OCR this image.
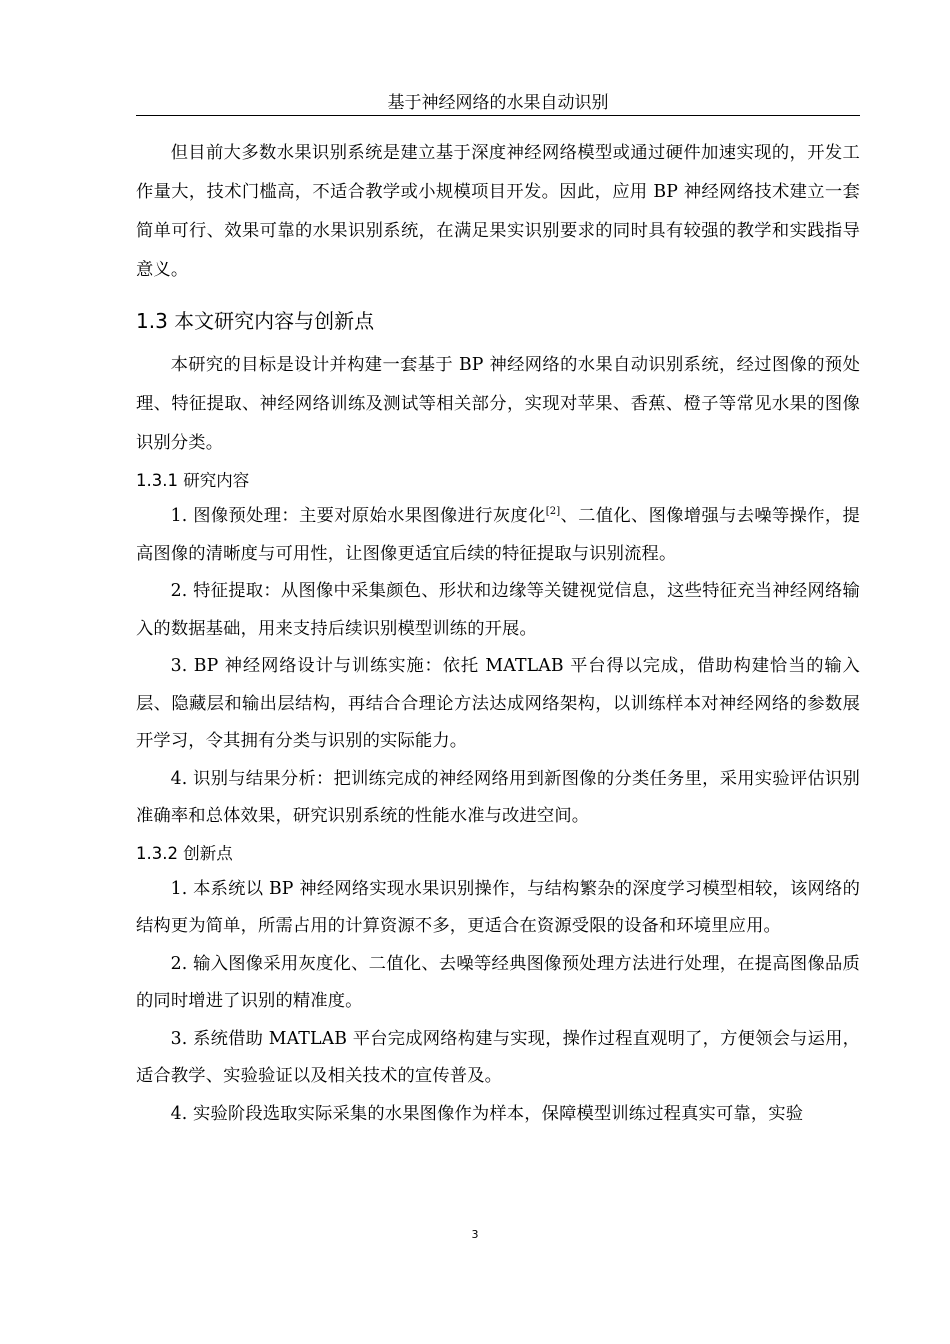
基于神经网络的水果自动识别

但目前大多数水果识别系统是建立基于深度神经网络模型或通过硬件加速实现的，开发工作量大，技术门槛高，不适合教学或小规模项目开发。因此，应用 BP 神经网络技术建立一套简单可行、效果可靠的水果识别系统，在满足果实识别要求的同时具有较强的教学和实践指导意义。

1.3 本文研究内容与创新点

本研究的目标是设计并构建一套基于 BP 神经网络的水果自动识别系统，经过图像的预处理、特征提取、神经网络训练及测试等相关部分，实现对苹果、香蕉、橙子等常见水果的图像识别分类。

1.3.1 研究内容

1. 图像预处理：主要对原始水果图像进行灰度化[2]、二值化、图像增强与去噪等操作，提高图像的清晰度与可用性，让图像更适宜后续的特征提取与识别流程。

2. 特征提取：从图像中采集颜色、形状和边缘等关键视觉信息，这些特征充当神经网络输入的数据基础，用来支持后续识别模型训练的开展。

3. BP 神经网络设计与训练实施：依托 MATLAB 平台得以完成，借助构建恰当的输入层、隐藏层和输出层结构，再结合合理论方法达成网络架构，以训练样本对神经网络的参数展开学习，令其拥有分类与识别的实际能力。

4. 识别与结果分析：把训练完成的神经网络用到新图像的分类任务里，采用实验评估识别准确率和总体效果，研究识别系统的性能水准与改进空间。

1.3.2 创新点

1. 本系统以 BP 神经网络实现水果识别操作，与结构繁杂的深度学习模型相较，该网络的结构更为简单，所需占用的计算资源不多，更适合在资源受限的设备和环境里应用。

2. 输入图像采用灰度化、二值化、去噪等经典图像预处理方法进行处理，在提高图像品质的同时增进了识别的精准度。

3. 系统借助 MATLAB 平台完成网络构建与实现，操作过程直观明了，方便领会与运用，适合教学、实验验证以及相关技术的宣传普及。

4. 实验阶段选取实际采集的水果图像作为样本，保障模型训练过程真实可靠，实验

3
